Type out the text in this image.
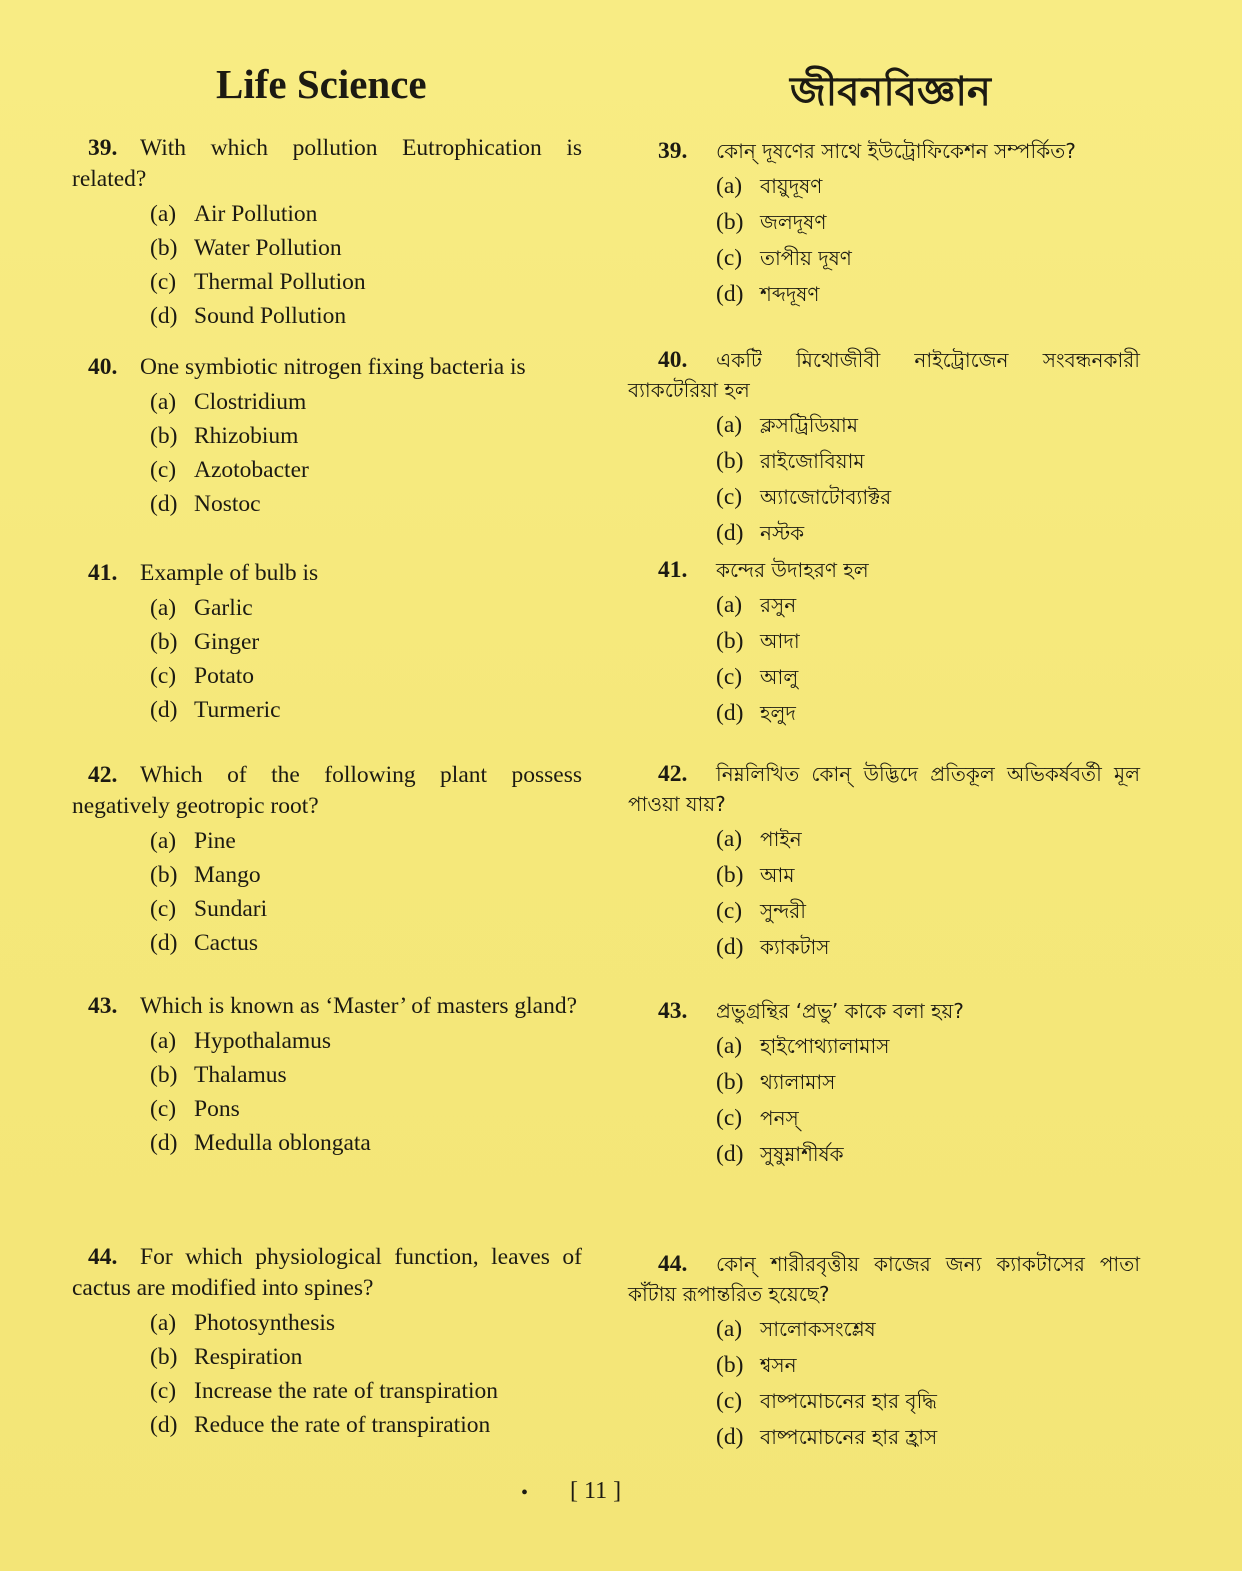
Life Science	জীবনবিজ্ঞান

39. With which pollution Eutrophication is related?

(a) Air Pollution
(b) Water Pollution
(c) Thermal Pollution
(d) Sound Pollution

40. One symbiotic nitrogen fixing bacteria is

(a) Clostridium
(b) Rhizobium
(c) Azotobacter
(d) Nostoc

41. Example of bulb is

(a) Garlic
(b) Ginger
(c) Potato
(d) Turmeric

42. Which of the following plant possess negatively geotropic root?

(a) Pine
(b) Mango
(c) Sundari
(d) Cactus

43. Which is known as ‘Master’ of masters gland?

(a) Hypothalamus
(b) Thalamus
(c) Pons
(d) Medulla oblongata

44. For which physiological function, leaves of cactus are modified into spines?

(a) Photosynthesis
(b) Respiration
(c) Increase the rate of transpiration
(d) Reduce the rate of transpiration

39. কোন্ দূষণের সাথে ইউট্রোফিকেশন সম্পর্কিত?

(a) বায়ুদূষণ
(b) জলদূষণ
(c) তাপীয় দূষণ
(d) শব্দদূষণ

40. একটি মিথোজীবী নাইট্রোজেন সংবন্ধনকারী ব্যাকটেরিয়া হল

(a) ক্লসট্রিডিয়াম
(b) রাইজোবিয়াম
(c) অ্যাজোটোব্যাক্টর
(d) নস্টক

41. কন্দের উদাহরণ হল

(a) রসুন
(b) আদা
(c) আলু
(d) হলুদ

42. নিম্নলিখিত কোন্ উদ্ভিদে প্রতিকূল অভিকর্ষবর্তী মূল পাওয়া যায়?

(a) পাইন
(b) আম
(c) সুন্দরী
(d) ক্যাকটাস

43. প্রভুগ্রন্থির ‘প্রভু’ কাকে বলা হয়?

(a) হাইপোথ্যালামাস
(b) থ্যালামাস
(c) পনস্
(d) সুষুম্নাশীর্ষক

44. কোন্ শারীরবৃত্তীয় কাজের জন্য ক্যাকটাসের পাতা কাঁটায় রূপান্তরিত হয়েছে?

(a) সালোকসংশ্লেষ
(b) শ্বসন
(c) বাষ্পমোচনের হার বৃদ্ধি
(d) বাষ্পমোচনের হার হ্রাস
• [ 11 ]
